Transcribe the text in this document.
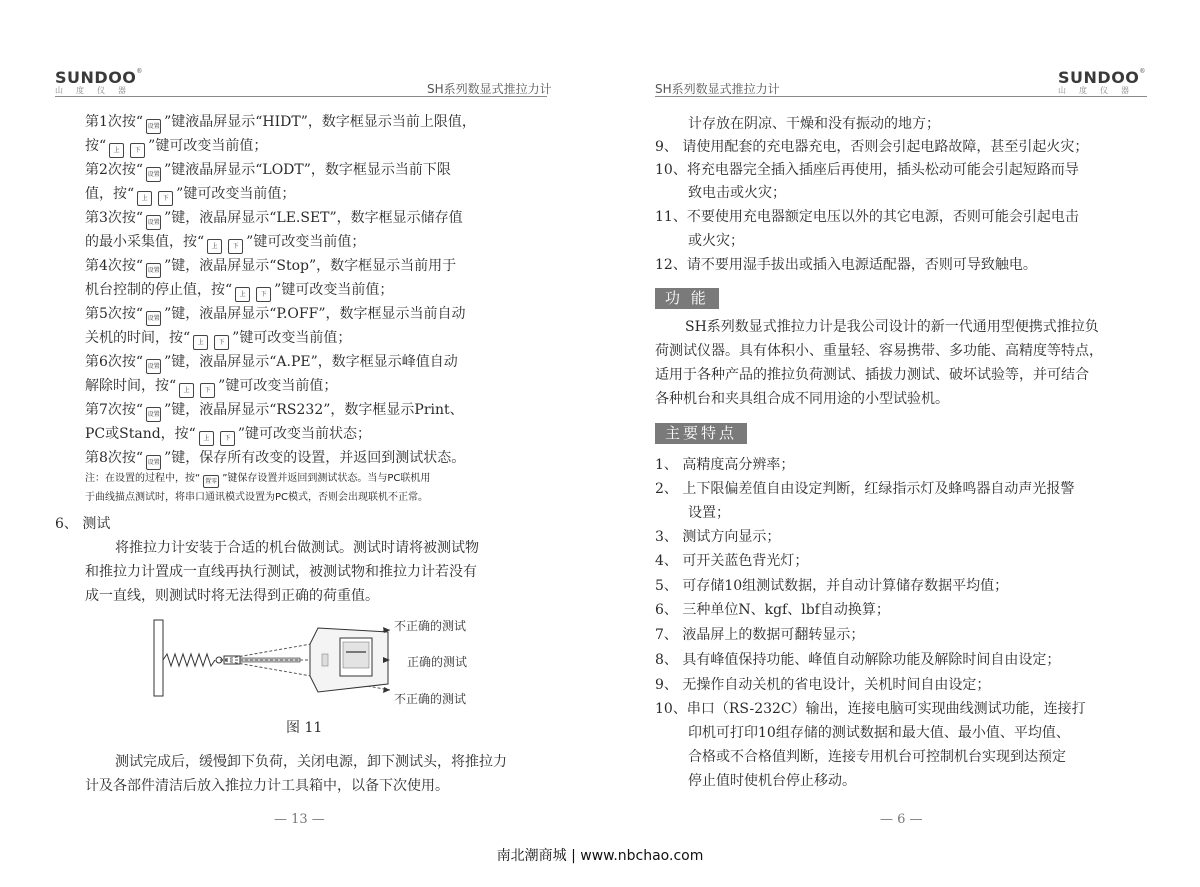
SUNDOO®
山度仪器	SH系列数显式推拉力计
第1次按“ 设置 ”键液晶屏显示“HIDT”，数字框显示当前上限值，
按“ 上 下 ”键可改变当前值；
第2次按“ 设置 ”键液晶屏显示“LODT”，数字框显示当前下限
值，按“ 上 下 ”键可改变当前值；
第3次按“ 设置 ”键，液晶屏显示“LE.SET”，数字框显示储存值
的最小采集值，按“ 上 下 ”键可改变当前值；
第4次按“ 设置 ”键，液晶屏显示“Stop”，数字框显示当前用于
机台控制的停止值，按“ 上 下 ”键可改变当前值；
第5次按“ 设置 ”键，液晶屏显示“P.OFF”，数字框显示当前自动
关机的时间，按“ 上 下 ”键可改变当前值；
第6次按“ 设置 ”键，液晶屏显示“A.PE”，数字框显示峰值自动
解除时间，按“ 上 下 ”键可改变当前值；
第7次按“ 设置 ”键，液晶屏显示“RS232”，数字框显示Print、
PC或Stand，按“ 上 下 ”键可改变当前状态；
第8次按“ 设置 ”键，保存所有改变的设置，并返回到测试状态。
注：在设置的过程中，按“ 置零 ”键保存设置并返回到测试状态。当与PC联机用
于曲线描点测试时，将串口通讯模式设置为PC模式，否则会出现联机不正常。
6、 测试
将推拉力计安装于合适的机台做测试。测试时请将被测试物
和推拉力计置成一直线再执行测试，被测试物和推拉力计若没有
成一直线，则测试时将无法得到正确的荷重值。
不正确的测试
正确的测试
不正确的测试
图 11
测试完成后，缓慢卸下负荷，关闭电源，卸下测试头，将推拉力
计及各部件清洁后放入推拉力计工具箱中，以备下次使用。
— 13 —
SH系列数显式推拉力计
SUNDOO®
山度仪器
计存放在阴凉、干燥和没有振动的地方；
9、 请使用配套的充电器充电，否则会引起电路故障，甚至引起火灾；
10、将充电器完全插入插座后再使用，插头松动可能会引起短路而导
致电击或火灾；
11、不要使用充电器额定电压以外的其它电源，否则可能会引起电击
或火灾；
12、请不要用湿手拔出或插入电源适配器，否则可导致触电。
功 能
SH系列数显式推拉力计是我公司设计的新一代通用型便携式推拉负
荷测试仪器。具有体积小、重量轻、容易携带、多功能、高精度等特点，
适用于各种产品的推拉负荷测试、插拔力测试、破坏试验等，并可结合
各种机台和夹具组合成不同用途的小型试验机。
主要特点
1、 高精度高分辨率；
2、 上下限偏差值自由设定判断，红绿指示灯及蜂鸣器自动声光报警
设置；
3、 测试方向显示；
4、 可开关蓝色背光灯；
5、 可存储10组测试数据，并自动计算储存数据平均值；
6、 三种单位N、kgf、lbf自动换算；
7、 液晶屏上的数据可翻转显示；
8、 具有峰值保持功能、峰值自动解除功能及解除时间自由设定；
9、 无操作自动关机的省电设计，关机时间自由设定；
10、串口（RS-232C）输出，连接电脑可实现曲线测试功能，连接打
印机可打印10组存储的测试数据和最大值、最小值、平均值、
合格或不合格值判断，连接专用机台可控制机台实现到达预定
停止值时使机台停止移动。
— 6 —
南北潮商城 | www.nbchao.com
